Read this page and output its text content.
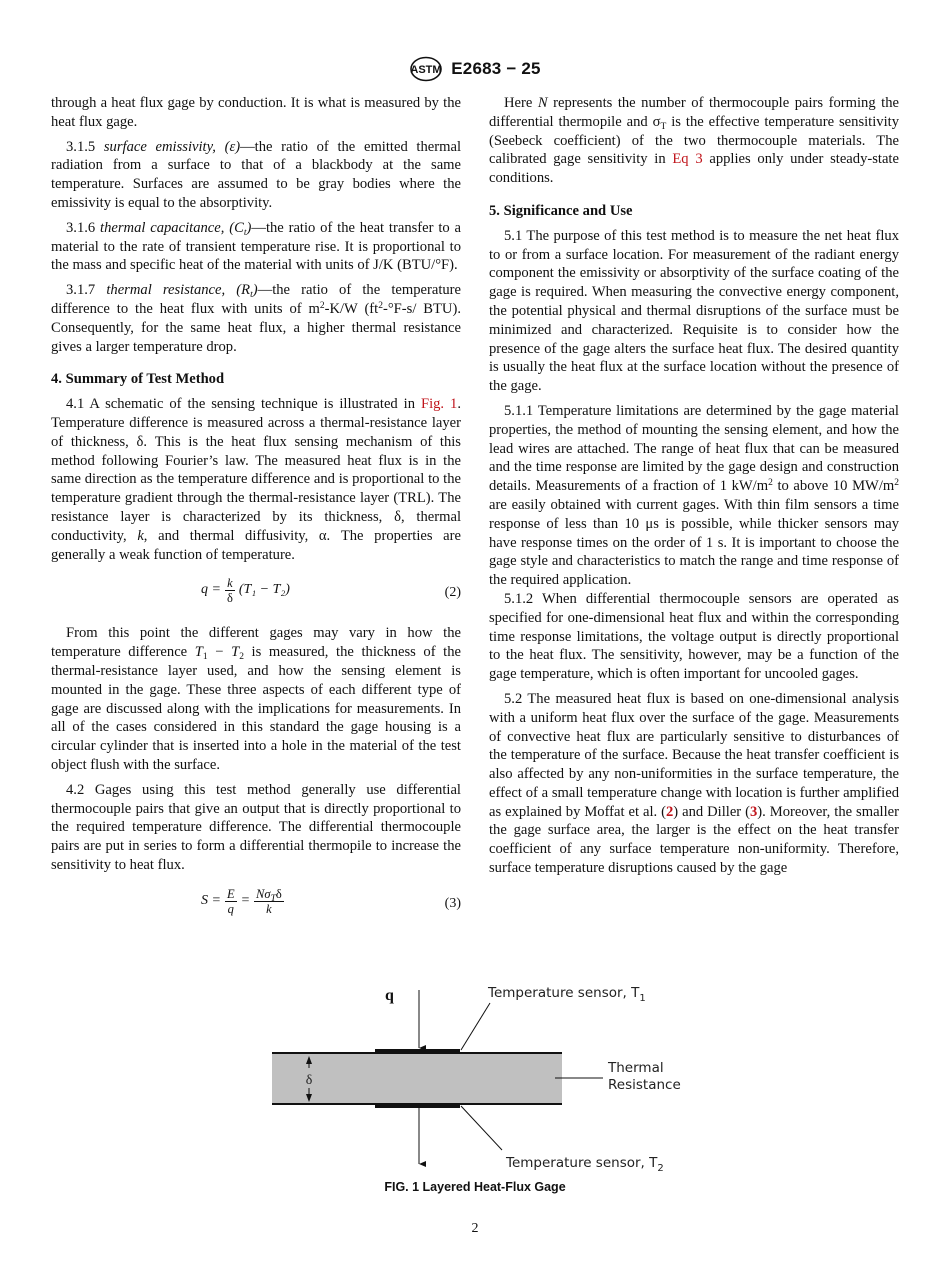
ASTM E2683 − 25

through a heat flux gage by conduction. It is what is measured by the heat flux gage.

3.1.5 surface emissivity, (ε)—the ratio of the emitted thermal radiation from a surface to that of a blackbody at the same temperature. Surfaces are assumed to be gray bodies where the emissivity is equal to the absorptivity.

3.1.6 thermal capacitance, $(C_t)—the$ ratio of the heat transfer to a material to the rate of transient temperature rise. It is proportional to the mass and specific heat of the material with units of J/K (BTU/°F).

3.1.7 thermal resistance, $(R_t)—the$ ratio of the temperature difference to the heat flux with units of $m^2-K/W$ ($ft^2-^\circ F-s/$ BTU). Consequently, for the same heat flux, a higher thermal resistance gives a larger temperature drop.

4. Summary of Test Method

4.1 A schematic of the sensing technique is illustrated in Fig. 1. Temperature difference is measured across a thermal-resistance layer of thickness, δ. This is the heat flux sensing mechanism of this method following Fourier’s law. The measured heat flux is in the same direction as the temperature difference and is proportional to the temperature gradient through the thermal-resistance layer (TRL). The resistance layer is characterized by its thickness, δ, thermal conductivity, k, and thermal diffusivity, α. The properties are generally a weak function of temperature.

$q = \frac{k}{\delta} (T_1 - T_2)$	(2)

From this point the different gages may vary in how the temperature difference $T_1 - T_2$ is measured, the thickness of the thermal-resistance layer used, and how the sensing element is mounted in the gage. These three aspects of each different type of gage are discussed along with the implications for measurements. In all of the cases considered in this standard the gage housing is a circular cylinder that is inserted into a hole in the material of the test object flush with the surface.

4.2 Gages using this test method generally use differential thermocouple pairs that give an output that is directly proportional to the required temperature difference. The differential thermocouple pairs are put in series to form a differential thermopile to increase the sensitivity to heat flux.

$S = \frac{E}{q} = \frac{N\sigma_T\delta}{k}$	(3)

Here N represents the number of thermocouple pairs forming the differential thermopile and $\sigma_T$ is the effective temperature sensitivity (Seebeck coefficient) of the two thermocouple materials. The calibrated gage sensitivity in Eq 3 applies only under steady-state conditions.

5. Significance and Use

5.1 The purpose of this test method is to measure the net heat flux to or from a surface location. For measurement of the radiant energy component the emissivity or absorptivity of the surface coating of the gage is required. When measuring the convective energy component, the potential physical and thermal disruptions of the surface must be minimized and characterized. Requisite is to consider how the presence of the gage alters the surface heat flux. The desired quantity is usually the heat flux at the surface location without the presence of the gage.

5.1.1 Temperature limitations are determined by the gage material properties, the method of mounting the sensing element, and how the lead wires are attached. The range of heat flux that can be measured and the time response are limited by the gage design and construction details. Measurements of a fraction of 1 $kW/m^2$ to above 10 $MW/m^2$ are easily obtained with current gages. With thin film sensors a time response of less than 10 μs is possible, while thicker sensors may have response times on the order of 1 s. It is important to choose the gage style and characteristics to match the range and time response of the required application.

5.1.2 When differential thermocouple sensors are operated as specified for one-dimensional heat flux and within the corresponding time response limitations, the voltage output is directly proportional to the heat flux. The sensitivity, however, may be a function of the gage temperature, which is often important for uncooled gages.

5.2 The measured heat flux is based on one-dimensional analysis with a uniform heat flux over the surface of the gage. Measurements of convective heat flux are particularly sensitive to disturbances of the temperature of the surface. Because the heat transfer coefficient is also affected by any non-uniformities in the surface temperature, the effect of a small temperature change with location is further amplified as explained by Moffat et al. (2) and Diller (3). Moreover, the smaller the gage surface area, the larger is the effect on the heat transfer coefficient of any surface temperature non-uniformity. Therefore, surface temperature disruptions caused by the gage

δ
q	Temperature sensor, $T_1$
Thermal
Resistance
Temperature sensor, $T_2$
FIG. 1 Layered Heat-Flux Gage
2
